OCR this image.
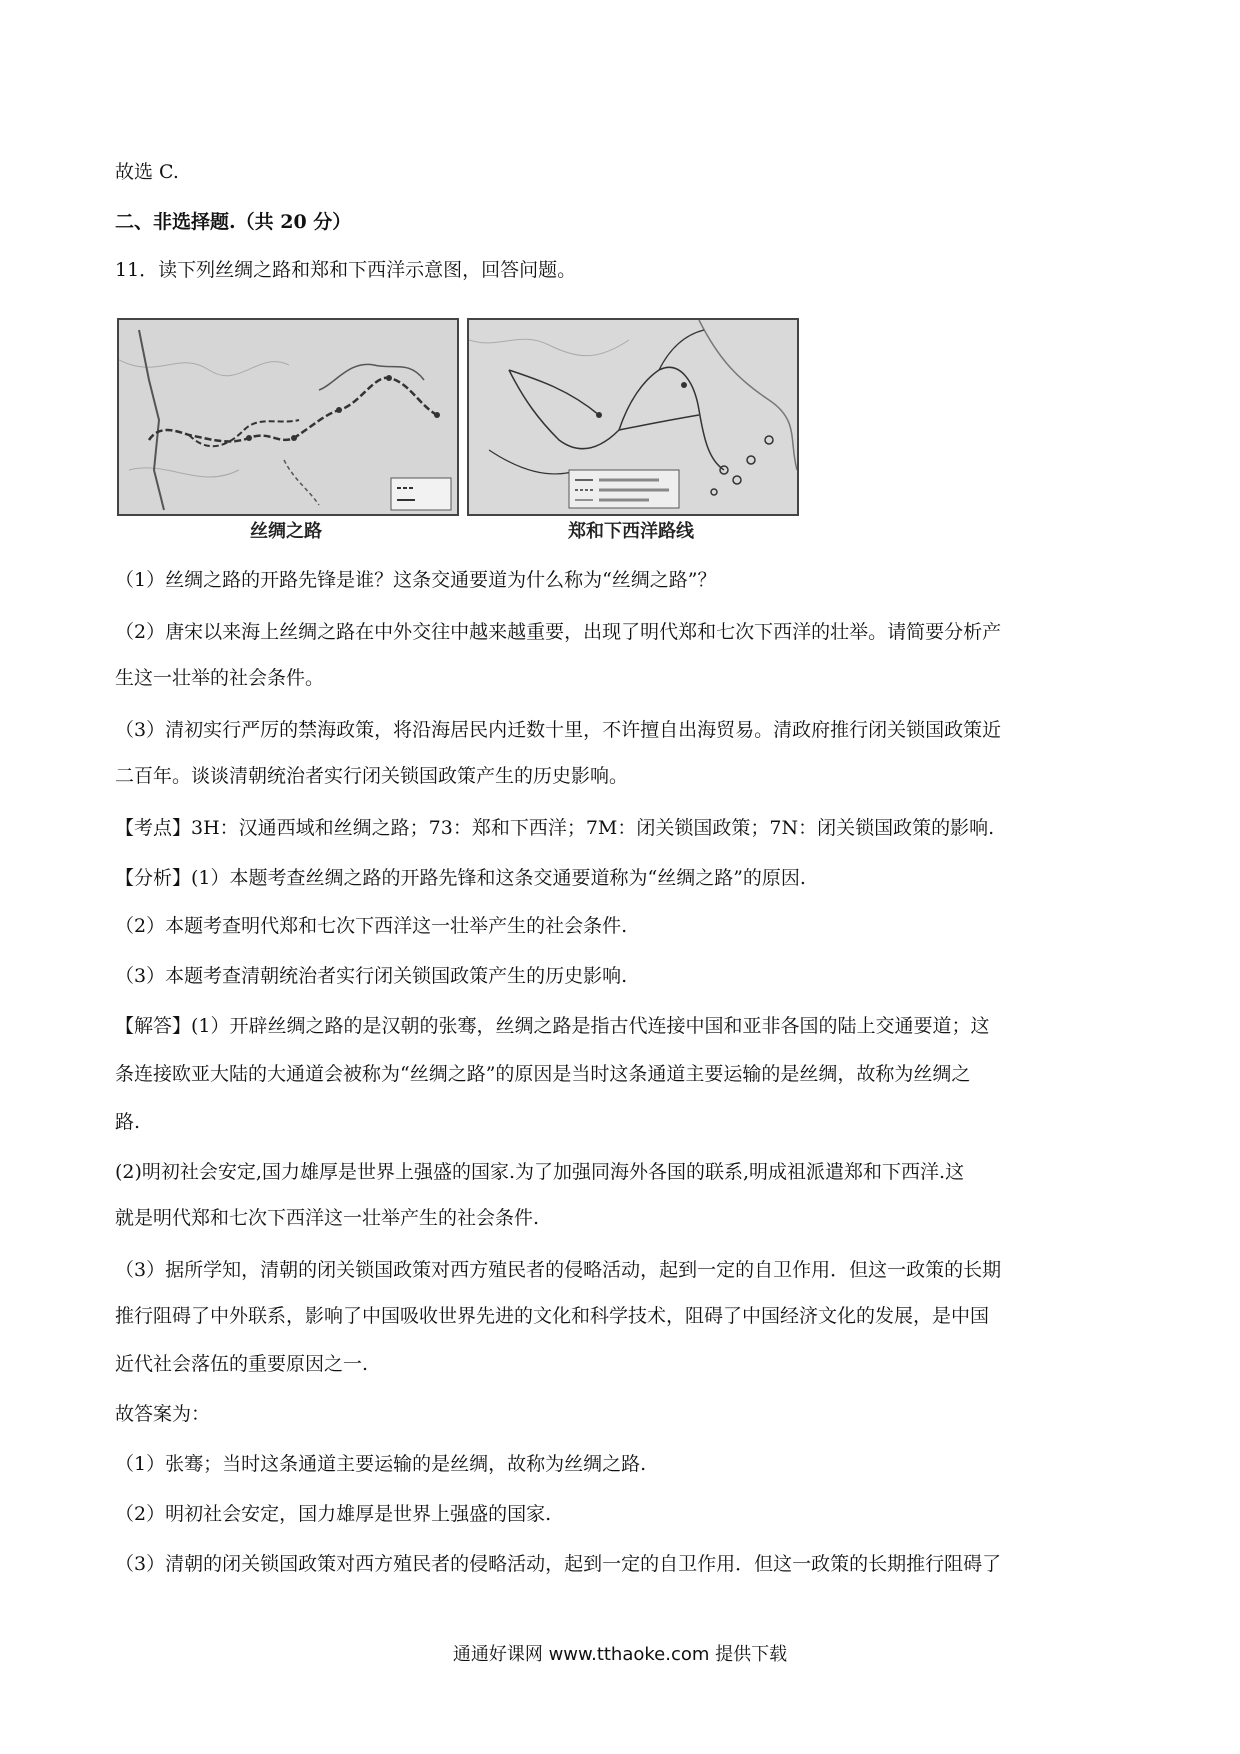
故选 C.
二、非选择题.（共 20 分）
11．读下列丝绸之路和郑和下西洋示意图，回答问题。
（1）丝绸之路的开路先锋是谁？这条交通要道为什么称为“丝绸之路”？
（2）唐宋以来海上丝绸之路在中外交往中越来越重要，出现了明代郑和七次下西洋的壮举。请简要分析产
生这一壮举的社会条件。
（3）清初实行严厉的禁海政策，将沿海居民内迁数十里，不许擅自出海贸易。清政府推行闭关锁国政策近
二百年。谈谈清朝统治者实行闭关锁国政策产生的历史影响。
【考点】3H：汉通西域和丝绸之路；73：郑和下西洋；7M：闭关锁国政策；7N：闭关锁国政策的影响.
【分析】(1）本题考查丝绸之路的开路先锋和这条交通要道称为“丝绸之路”的原因.
（2）本题考查明代郑和七次下西洋这一壮举产生的社会条件.
（3）本题考查清朝统治者实行闭关锁国政策产生的历史影响.
【解答】(1）开辟丝绸之路的是汉朝的张骞，丝绸之路是指古代连接中国和亚非各国的陆上交通要道；这
条连接欧亚大陆的大通道会被称为“丝绸之路”的原因是当时这条通道主要运输的是丝绸，故称为丝绸之
路.
(2)明初社会安定,国力雄厚是世界上强盛的国家.为了加强同海外各国的联系,明成祖派遣郑和下西洋.这
就是明代郑和七次下西洋这一壮举产生的社会条件.
（3）据所学知，清朝的闭关锁国政策对西方殖民者的侵略活动，起到一定的自卫作用．但这一政策的长期
推行阻碍了中外联系，影响了中国吸收世界先进的文化和科学技术，阻碍了中国经济文化的发展，是中国
近代社会落伍的重要原因之一.
故答案为：
（1）张骞；当时这条通道主要运输的是丝绸，故称为丝绸之路.
（2）明初社会安定，国力雄厚是世界上强盛的国家.
（3）清朝的闭关锁国政策对西方殖民者的侵略活动，起到一定的自卫作用．但这一政策的长期推行阻碍了
丝绸之路	郑和下西洋路线
通通好课网 www.tthaoke.com 提供下载
